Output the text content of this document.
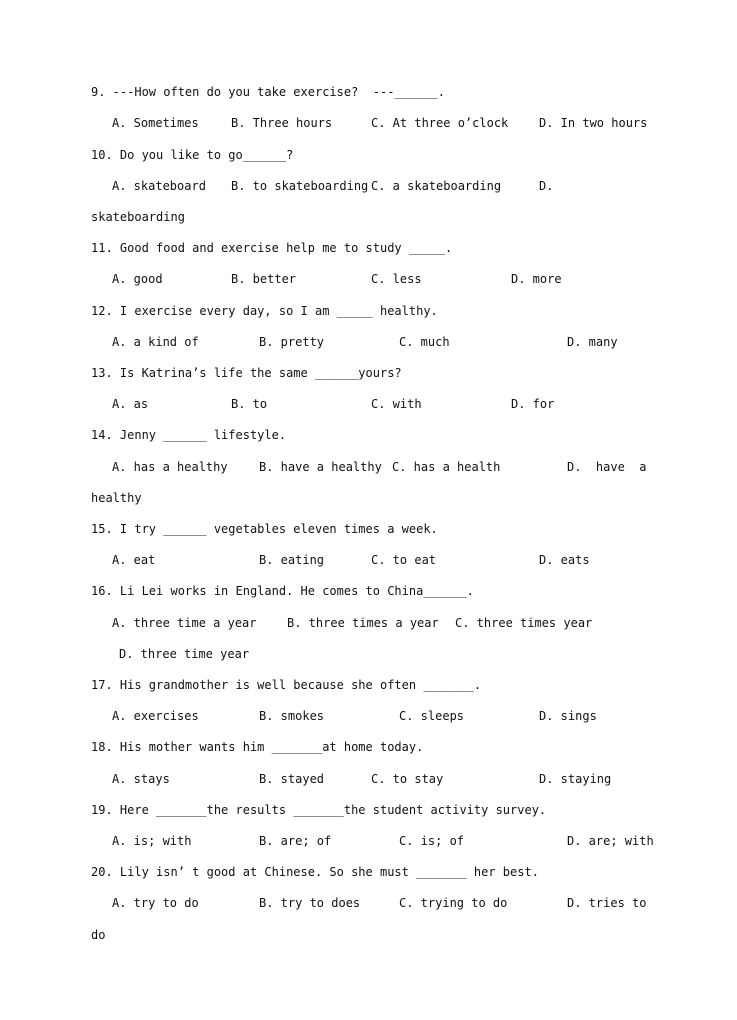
9. ---How often do you take exercise?  ---______.
A. Sometimes	B. Three hours	C. At three o’clock	D. In two hours
10. Do you like to go______?
A. skateboard B. to skateboarding C. a skateboarding	D.
skateboarding
11. Good food and exercise help me to study _____.
A. good	B. better	C. less	D. more
12. I exercise every day, so I am _____ healthy.
A. a kind of	B. pretty	C. much	D. many
13. Is Katrina’s life the same ______yours?
A. as	B. to	C. with	D. for
14. Jenny ______ lifestyle.
A. has a healthy	B. have a healthy C. has a health	D.  have  a
healthy
15. I try ______ vegetables eleven times a week.
A. eat	B. eating	C. to eat	D. eats
16. Li Lei works in England. He comes to China______.
A. three time a year	B. three times a year C. three times year
D. three time year
17. His grandmother is well because she often _______.
A. exercises	B. smokes	C. sleeps	D. sings
18. His mother wants him _______at home today.
A. stays	B. stayed	C. to stay	D. staying
19. Here _______the results _______the student activity survey.
A. is; with	B. are; of	C. is; of	D. are; with
20. Lily isn’ t good at Chinese. So she must _______ her best.
A. try to do	B. try to does	C. trying to do	D. tries to
do
